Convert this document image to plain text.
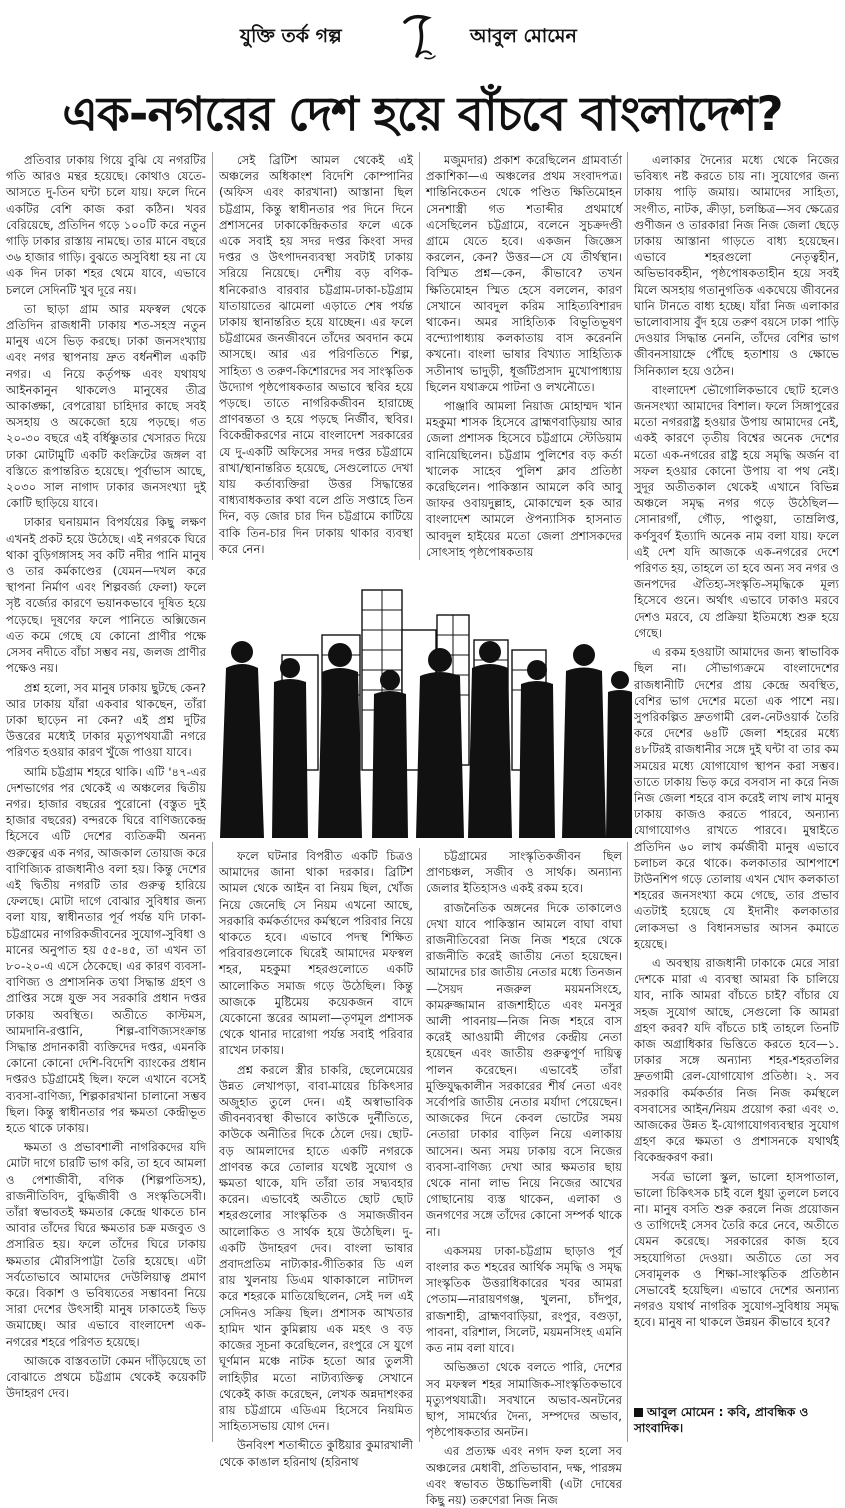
যুক্তি তর্ক গল্প	আবুল মোমেন
এক-নগরের দেশ হয়ে বাঁচবে বাংলাদেশ?

প্রতিবার ঢাকায় গিয়ে বুঝি যে নগরটির গতি আরও মন্থর হয়েছে। কোথাও যেতে-আসতে দু-তিন ঘন্টা চলে যায়। ফলে দিনে একটির বেশি কাজ করা কঠিন। খবর বেরিয়েছে, প্রতিদিন গড়ে ১০০টি করে নতুন গাড়ি ঢাকার রাস্তায় নামছে। তার মানে বছরে ৩৬ হাজার গাড়ি। বুঝতে অসুবিধা হয় না যে এক দিন ঢাকা শহর থেমে যাবে, এভাবে চললে সেদিনটি খুব দূরে নয়।

তা ছাড়া গ্রাম আর মফস্বল থেকে প্রতিদিন রাজধানী ঢাকায় শত-সহস্র নতুন মানুষ এসে ভিড় করছে। ঢাকা জনসংখ্যায় এবং নগর স্থাপনায় দ্রুত বর্ধনশীল একটি নগর। এ নিয়ে কর্তৃপক্ষ এবং যথাযথ আইনকানুন থাকলেও মানুষের তীব্র আকাঙ্ক্ষা, বেপরোয়া চাহিদার কাছে সবই অসহায় ও অকেজো হয়ে পড়ছে। গত ২০-৩০ বছরে এই বর্ধিষ্ণুতার খেসারত দিয়ে ঢাকা মোটামুটি একটি কংক্রিটের জঙ্গল বা বস্তিতে রূপান্তরিত হয়েছে। পূর্বাভাস আছে, ২০৩০ সাল নাগাদ ঢাকার জনসংখ্যা দুই কোটি ছাড়িয়ে যাবে।

ঢাকার ঘনায়মান বিপর্যয়ের কিছু লক্ষণ এখনই প্রকট হয়ে উঠেছে। এই নগরকে ঘিরে থাকা বুড়িগঙ্গাসহ সব কটি নদীর পানি মানুষ ও তার কর্মকাণ্ডের (যেমন—দখল করে স্থাপনা নির্মাণ এবং শিল্পবর্জ্য ফেলা) ফলে সৃষ্ট বর্জ্যের কারণে ভয়ানকভাবে দূষিত হয়ে পড়েছে। দূষণের ফলে পানিতে অক্সিজেন এত কমে গেছে যে কোনো প্রাণীর পক্ষে সেসব নদীতে বাঁচা সম্ভব নয়, জলজ প্রাণীর পক্ষেও নয়।

প্রশ্ন হলো, সব মানুষ ঢাকায় ছুটছে কেন? আর ঢাকায় যাঁরা একবার থাকছেন, তাঁরা ঢাকা ছাড়েন না কেন? এই প্রশ্ন দুটির উত্তরের মধ্যেই ঢাকার মৃত্যুপথযাত্রী নগরে পরিণত হওয়ার কারণ খুঁজে পাওয়া যাবে।

আমি চট্টগ্রাম শহরে থাকি। এটি '৪৭-এর দেশভাগের পর থেকেই এ অঞ্চলের দ্বিতীয় নগর। হাজার বছরের পুরোনো (বস্তুত দুই হাজার বছরের) বন্দরকে ঘিরে বাণিজ্যকেন্দ্র হিসেবে এটি দেশের ব্যতিক্রমী অনন্য গুরুত্বের এক নগর, আজকাল তোয়াজ করে বাণিজ্যিক রাজধানীও বলা হয়। কিন্তু দেশের এই দ্বিতীয় নগরটি তার গুরুত্ব হারিয়ে ফেলছে। মোটা দাগে বোঝার সুবিধার জন্য বলা যায়, স্বাধীনতার পূর্ব পর্যন্ত যদি ঢাকা-চট্টগ্রামের নাগরিকজীবনের সুযোগ-সুবিধা ও মানের অনুপাত হয় ৫৫-৪৫, তা এখন তা ৮০-২০-এ এসে ঠেকেছে। এর কারণ ব্যবসা-বাণিজ্য ও প্রশাসনিক তথা সিদ্ধান্ত গ্রহণ ও প্রাপ্তির সঙ্গে যুক্ত সব সরকারি প্রধান দপ্তর ঢাকায় অবস্থিত। অতীতে কাস্টমস, আমদানি-রপ্তানি, শিল্প-বাণিজ্যসংক্রান্ত সিদ্ধান্ত প্রদানকারী ব্যক্তিদের দপ্তর, এমনকি কোনো কোনো দেশি-বিদেশি ব্যাংকের প্রধান দপ্তরও চট্টগ্রামেই ছিল। ফলে এখানে বসেই ব্যবসা-বাণিজ্য, শিল্পকারখানা চালানো সম্ভব ছিল। কিন্তু স্বাধীনতার পর ক্ষমতা কেন্দ্রীভূত হতে থাকে ঢাকায়।

ক্ষমতা ও প্রভাবশালী নাগরিকদের যদি মোটা দাগে চারটি ভাগ করি, তা হবে আমলা ও পেশাজীবী, বণিক (শিল্পপতিসহ), রাজনীতিবিদ, বুদ্ধিজীবী ও সংস্কৃতিসেবী। তাঁরা স্বভাবতই ক্ষমতার কেন্দ্রে থাকতে চান আবার তাঁদের ঘিরে ক্ষমতার চক্র মজবুত ও প্রসারিত হয়। ফলে তাঁদের ঘিরে ঢাকায় ক্ষমতার মৌরসিপাট্টা তৈরি হয়েছে। এটা সর্বতোভাবে আমাদের দেউলিয়াত্ব প্রমাণ করে। বিকাশ ও ভবিষ্যতের সম্ভাবনা নিয়ে সারা দেশের উৎসাহী মানুষ ঢাকাতেই ভিড় জমাচ্ছে। আর এভাবে বাংলাদেশ এক-নগরের শহরে পরিণত হয়েছে।

আজকে বাস্তবতাটা কেমন দাঁড়িয়েছে তা বোঝাতে প্রথমে চট্টগ্রাম থেকেই কয়েকটি উদাহরণ দেব।

সেই ব্রিটিশ আমল থেকেই এই অঞ্চলের অধিকাংশ বিদেশি কোম্পানির (অফিস এবং কারখানা) আস্তানা ছিল চট্টগ্রাম, কিন্তু স্বাধীনতার পর দিনে দিনে প্রশাসনের ঢাকাকেন্দ্রিকতার ফলে একে একে সবাই হয় সদর দপ্তর কিংবা সদর দপ্তর ও উৎপাদনব্যবস্থা সবটাই ঢাকায় সরিয়ে নিয়েছে। দেশীয় বড় বণিক-ধনিকেরাও বারবার চট্টগ্রাম-ঢাকা-চট্টগ্রাম যাতায়াতের ঝামেলা এড়াতে শেষ পর্যন্ত ঢাকায় স্থানান্তরিত হয়ে যাচ্ছেন। এর ফলে চট্টগ্রামের জনজীবনে তাঁদের অবদান কমে আসছে। আর এর পরিণতিতে শিল্প, সাহিত্য ও তরুণ-কিশোরদের সব সাংস্কৃতিক উদ্যোগ পৃষ্ঠপোষকতার অভাবে স্থবির হয়ে পড়ছে। তাতে নাগরিকজীবন হারাচ্ছে প্রাণবন্ততা ও হয়ে পড়ছে নির্জীব, স্থবির। বিকেন্দ্রীকরণের নামে বাংলাদেশ সরকারের যে দু-একটি অফিসের সদর দপ্তর চট্টগ্রামে রাখা/স্থানান্তরিত হয়েছে, সেগুলোতে দেখা যায় কর্তাব্যক্তিরা উত্তর সিদ্ধান্তের বাধ্যবাধকতার কথা বলে প্রতি সপ্তাহে তিন দিন, বড় জোর চার দিন চট্টগ্রামে কাটিয়ে বাকি তিন-চার দিন ঢাকায় থাকার ব্যবস্থা করে নেন।

মজুমদার) প্রকাশ করেছিলেন গ্রামবার্তা প্রকাশিকা—এ অঞ্চলের প্রথম সংবাদপত্র। শান্তিনিকেতন থেকে পণ্ডিত ক্ষিতিমোহন সেনশাস্ত্রী গত শতাব্দীর প্রথমার্ধে এসেছিলেন চট্টগ্রামে, বলেনে সুচক্রদণ্ডী গ্রামে যেতে হবে। একজন জিজ্ঞেস করলেন, কেন? উত্তর—সে যে তীর্থস্থান। বিস্মিত প্রশ্ন—কেন, কীভাবে? তখন ক্ষিতিমোহন স্মিত হেসে বললেন, কারণ সেখানে আবদুল করিম সাহিত্যবিশারদ থাকেন। অমর সাহিত্যিক বিভূতিভূষণ বন্দ্যোপাধ্যায় কলকাতায় বাস করেননি কখনো। বাংলা ভাষার বিখ্যাত সাহিত্যিক সতীনাথ ভাদুড়ী, ধূর্জটিপ্রসাদ মুখোপাধ্যায় ছিলেন যথাক্রমে পাটনা ও লখনৌতে।

পাঞ্জাবি আমলা নিয়াজ মোহাম্মদ খান মহকুমা শাসক হিসেবে ব্রাহ্মণবাড়িয়ায় আর জেলা প্রশাসক হিসেবে চট্টগ্রামে স্টেডিয়াম বানিয়েছিলেন। চট্টগ্রাম পুলিশের বড় কর্তা খালেক সাহেব পুলিশ ক্লাব প্রতিষ্ঠা করেছিলেন। পাকিস্তান আমলে কবি আবু জাফর ওবায়দুল্লাহ, মোকাম্মেল হক আর বাংলাদেশ আমলে ঔপন্যাসিক হাসনাত আবদুল হাইয়ের মতো জেলা প্রশাসকদের সোৎসাহ পৃষ্ঠপোষকতায়

ফলে ঘটনার বিপরীত একটি চিত্রও আমাদের জানা থাকা দরকার। ব্রিটিশ আমল থেকে আইন বা নিয়ম ছিল, খোঁজ নিয়ে জেনেছি সে নিয়ম এখনো আছে, সরকারি কর্মকর্তাদের কর্মস্থলে পরিবার নিয়ে থাকতে হবে। এভাবে পদস্থ শিক্ষিত পরিবারগুলোকে ঘিরেই আমাদের মফস্বল শহর, মহকুমা শহরগুলোতে একটি আলোকিত সমাজ গড়ে উঠেছিল। কিন্তু আজকে মুষ্টিমেয় কয়েকজন বাদে যেকোনো স্তরের আমলা—তৃণমূল প্রশাসক থেকে থানার দারোগা পর্যন্ত সবাই পরিবার রাখেন ঢাকায়।

প্রশ্ন করলে স্ত্রীর চাকরি, ছেলেমেয়ের উন্নত লেখাপড়া, বাবা-মায়ের চিকিৎসার অজুহাত তুলে দেন। এই অস্বাভাবিক জীবনব্যবস্থা কীভাবে কাউকে দুর্নীতিতে, কাউকে অনীতির দিকে ঠেলে দেয়। ছোট-বড় আমলাদের হাতে একটি নগরকে প্রাণবন্ত করে তোলার যথেষ্ট সুযোগ ও ক্ষমতা থাকে, যদি তাঁরা তার সদ্ব্যবহার করেন। এভাবেই অতীতে ছোট ছোট শহরগুলোর সাংস্কৃতিক ও সমাজজীবন আলোকিত ও সার্থক হয়ে উঠেছিল। দু-একটি উদাহরণ দেব। বাংলা ভাষার প্রবাদপ্রতিম নাট্যকার-গীতিকার ডি এল রায় খুলনায় ডিএম থাকাকালে নাটাদল করে শহরকে মাতিয়েছিলেন, সেই দল এই সেদিনও সক্রিয় ছিল। প্রশাসক আখতার হামিদ খান কুমিল্লায় এক মহৎ ও বড় কাজের সূচনা করেছিলেন, রংপুরে সে যুগে ঘূর্ণমান মঞ্চে নাটক হতো আর তুলসী লাহিড়ীর মতো নাট্যব্যক্তিত্ব সেখানে থেকেই কাজ করেছেন, লেখক অন্নদাশংকর রায় চট্টগ্রামে এডিএম হিসেবে নিয়মিত সাহিত্যসভায় যোগ দেন।

উনবিংশ শতাব্দীতে কুষ্টিয়ার কুমারখালী থেকে কাঙাল হরিনাথ (হরিনাথ

চট্টগ্রামের সাংস্কৃতিকজীবন ছিল প্রাণচঞ্চল, সজীব ও সার্থক। অন্যান্য জেলার ইতিহাসও একই রকম হবে।

রাজনৈতিক অঙ্গনের দিকে তাকালেও দেখা যাবে পাকিস্তান আমলে বাঘা বাঘা রাজনীতিবেরা নিজ নিজ শহরে থেকে রাজনীতি করেই জাতীয় নেতা হয়েছেন। আমাদের চার জাতীয় নেতার মধ্যে তিনজন—সৈয়দ নজরুল ময়মনসিংহে, কামরুজ্জামান রাজশাহীতে এবং মনসুর আলী পাবনায়—নিজ নিজ শহরে বাস করেই আওয়ামী লীগের কেন্দ্রীয় নেতা হয়েছেন এবং জাতীয় গুরুত্বপূর্ণ দায়িত্ব পালন করেছেন। এভাবেই তাঁরা মুক্তিযুদ্ধকালীন সরকারের শীর্ষ নেতা এবং সর্বোপরি জাতীয় নেতার মর্যাদা পেয়েছেন। আজকের দিনে কেবল ভোটের সময় নেতারা ঢাকার বাড়িল নিয়ে এলাকায় আসেন। অন্য সময় ঢাকায় বসে নিজের ব্যবসা-বাণিজ্য দেখা আর ক্ষমতার ছায় থেকে নানা লাভ নিয়ে নিজের আখের গোছানোয় ব্যস্ত থাকেন, এলাকা ও জনগণের সঙ্গে তাঁদের কোনো সম্পর্ক থাকে না।

একসময় ঢাকা-চট্টগ্রাম ছাড়াও পূর্ব বাংলার কত শহরের আর্থিক সমৃদ্ধি ও সমৃদ্ধ সাংস্কৃতিক উত্তরাধিকারের খবর আমরা পেতাম—নারায়ণগঞ্জ, খুলনা, চাঁদপুর, রাজশাহী, ব্রাহ্মণবাড়িয়া, রংপুর, বগুড়া, পাবনা, বরিশাল, সিলেট, ময়মনসিংহ এমনি কত নাম বলা যাবে।

অভিজ্ঞতা থেকে বলতে পারি, দেশের সব মফস্বল শহর সামাজিক-সাংস্কৃতিকভাবে মৃত্যুপথযাত্রী। সবখানে অভাব-অনটনের ছাপ, সামর্থ্যের দৈন্য, সম্পদের অভাব, পৃষ্ঠপোষকতার অনটন।

এর প্রত্যক্ষ এবং নগদ ফল হলো সব অঞ্চলের মেধাবী, প্রতিভাবান, দক্ষ, পারঙ্গম এবং স্বভাবত উচ্চাভিলাষী (এটা দোষের কিছু নয়) তরুণেরা নিজ নিজ

এলাকার দৈন্যের মধ্যে থেকে নিজের ভবিষ্যৎ নষ্ট করতে চায় না। সুযোগের জন্য ঢাকায় পাড়ি জমায়। আমাদের সাহিত্য, সংগীত, নাটক, ক্রীড়া, চলচ্চিত্র—সব ক্ষেত্রের গুণীজন ও তারকারা নিজ নিজ জেলা ছেড়ে ঢাকায় আস্তানা গাড়তে বাধ্য হয়েছেন। এভাবে শহরগুলো নেতৃত্বহীন, অভিভাবকহীন, পৃষ্ঠপোষকতাহীন হয়ে সবই মিলে অসহায় গতানুগতিক একঘেয়ে জীবনের ঘানি টানতে বাধ্য হচ্ছে। যাঁরা নিজ এলাকার ভালোবাসায় বুঁদ হয়ে তরুণ বয়সে ঢাকা পাড়ি দেওয়ার সিদ্ধান্ত নেননি, তাঁদের বেশির ভাগ জীবনসায়াহ্নে পৌঁছে হতাশায় ও ক্ষোভে সিনিক্যাল হয়ে ওঠেন।

বাংলাদেশ ভৌগোলিকভাবে ছোট হলেও জনসংখ্যা আমাদের বিশাল। ফলে সিঙ্গাপুরের মতো নগররাষ্ট্র হওয়ার উপায় আমাদের নেই, একই কারণে তৃতীয় বিশ্বের অনেক দেশের মতো এক-নগরের রাষ্ট্র হয়ে সমৃদ্ধি অর্জন বা সফল হওয়ার কোনো উপায় বা পথ নেই। সুদূর অতীতকাল থেকেই এখানে বিভিন্ন অঞ্চলে সমৃদ্ধ নগর গড়ে উঠেছিল—সোনারগাঁ, গৌড়, পাণ্ডুয়া, তাম্রলিপ্ত, কর্ণসুবর্ণ ইত্যাদি অনেক নাম বলা যায়। ফলে এই দেশ যদি আজকে এক-নগরের দেশে পরিণত হয়, তাহলে তা হবে অন্য সব নগর ও জনপদের ঐতিহ্য-সংস্কৃতি-সমৃদ্ধিকে মূল্য হিসেবে গুনে। অর্থাৎ এভাবে ঢাকাও মরবে দেশও মরবে, যে প্রক্রিয়া ইতিমধ্যে শুরু হয়ে গেছে।

এ রকম হওয়াটা আমাদের জন্য স্বাভাবিক ছিল না। সৌভাগ্যক্রমে বাংলাদেশের রাজধানীটি দেশের প্রায় কেন্দ্রে অবস্থিত, বেশির ভাগ দেশের মতো এক পাশে নয়। সুপরিকল্পিত দ্রুতগামী রেল-নেটওয়ার্ক তৈরি করে দেশের ৬৪টি জেলা শহরের মধ্যে ৪৮টিরই রাজধানীর সঙ্গে দুই ঘন্টা বা তার কম সময়ের মধ্যে যোগাযোগ স্থাপন করা সম্ভব। তাতে ঢাকায় ভিড় করে বসবাস না করে নিজ নিজ জেলা শহরে বাস করেই লাখ লাখ মানুষ ঢাকায় কাজও করতে পারবে, অন্যান্য যোগাযোগও রাখতে পারবে। মুম্বাইতে প্রতিদিন ৬০ লাখ কর্মজীবী মানুষ এভাবে চলাচল করে থাকে। কলকাতার আশপাশে টাউনশিপ গড়ে তোলায় এখন খোদ কলকাতা শহরের জনসংখ্যা কমে গেছে, তার প্রভাব এতটাই হয়েছে যে ইদানীং কলকাতার লোকসভা ও বিধানসভার আসন কমাতে হয়েছে।

এ অবস্থায় রাজধানী ঢাকাকে মেরে সারা দেশকে মারা এ ব্যবস্থা আমরা কি চালিয়ে যাব, নাকি আমরা বাঁচতে চাই? বাঁচার যে সহজ সুযোগ আছে, সেগুলো কি আমরা গ্রহণ করব? যদি বাঁচতে চাই তাহলে তিনটি কাজ অগ্রাধিকার ভিত্তিতে করতে হবে—১. ঢাকার সঙ্গে অন্যান্য শহর-শহরতলির দ্রুতগামী রেল-যোগাযোগ প্রতিষ্ঠা। ২. সব সরকারি কর্মকর্তার নিজ নিজ কর্মস্থলে বসবাসের আইন/নিয়ম প্রয়োগ করা এবং ৩. আজকের উন্নত ই-যোগাযোগব্যবস্থার সুযোগ গ্রহণ করে ক্ষমতা ও প্রশাসনকে যথার্থই বিকেন্দ্রকরণ করা।

সর্বত্র ভালো স্কুল, ভালো হাসপাতাল, ভালো চিকিৎসক চাই বলে ধুয়া তুললে চলবে না। মানুষ বসতি শুরু করলে নিজ প্রয়োজন ও তাগিদেই সেসব তৈরি করে নেবে, অতীতে যেমন করেছে। সরকারের কাজ হবে সহযোগিতা দেওয়া। অতীতে তো সব সেবামূলক ও শিক্ষা-সাংস্কৃতিক প্রতিষ্ঠান সেভাবেই হয়েছিল। এভাবে দেশের অন্যান্য নগরও যথার্থ নাগরিক সুযোগ-সুবিধায় সমৃদ্ধ হবে। মানুষ না থাকলে উন্নয়ন কীভাবে হবে?

আবুল মোমেন : কবি, প্রাবন্ধিক ও সাংবাদিক।
